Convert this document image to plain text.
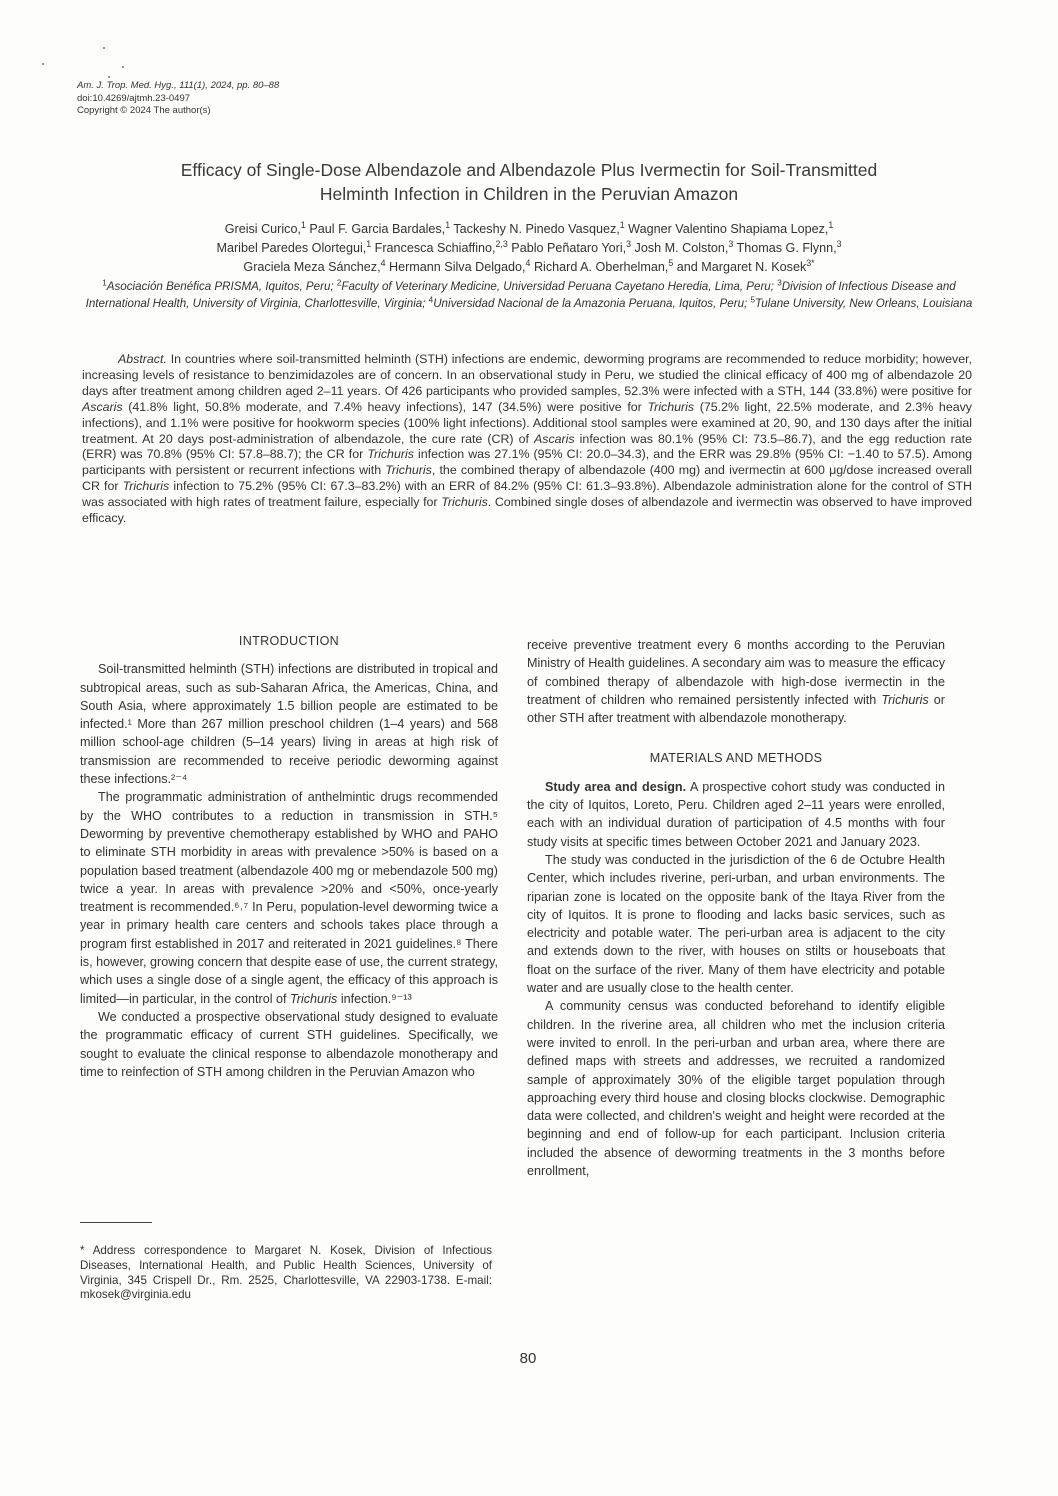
Am. J. Trop. Med. Hyg., 111(1), 2024, pp. 80–88
doi:10.4269/ajtmh.23-0497
Copyright © 2024 The author(s)
Efficacy of Single-Dose Albendazole and Albendazole Plus Ivermectin for Soil-Transmitted
Helminth Infection in Children in the Peruvian Amazon
Greisi Curico,$^1$ Paul F. Garcia Bardales,$^1$ Tackeshy N. Pinedo Vasquez,$^1$ Wagner Valentino Shapiama Lopez,$^1$
Maribel Paredes Olortegui,$^1$ Francesca Schiaffino,$^{2,3}$ Pablo Peñataro Yori,$^3$ Josh M. Colston,$^3$ Thomas G. Flynn,$^3$
Graciela Meza Sánchez,$^4$ Hermann Silva Delgado,$^4$ Richard A. Oberhelman,$^5$ and Margaret N. Kosek$^{3*}$
$^1$Asociación Benéfica PRISMA, Iquitos, Peru; $^2$Faculty of Veterinary Medicine, Universidad Peruana Cayetano Heredia, Lima, Peru; $^3$Division of Infectious Disease and International Health, University of Virginia, Charlottesville, Virginia; $^4$Universidad Nacional de la Amazonia Peruana, Iquitos, Peru; $^5$Tulane University, New Orleans, Louisiana
Abstract. In countries where soil-transmitted helminth (STH) infections are endemic, deworming programs are recommended to reduce morbidity; however, increasing levels of resistance to benzimidazoles are of concern. In an observational study in Peru, we studied the clinical efficacy of 400 mg of albendazole 20 days after treatment among children aged 2–11 years. Of 426 participants who provided samples, 52.3% were infected with a STH, 144 (33.8%) were positive for Ascaris (41.8% light, 50.8% moderate, and 7.4% heavy infections), 147 (34.5%) were positive for Trichuris (75.2% light, 22.5% moderate, and 2.3% heavy infections), and 1.1% were positive for hookworm species (100% light infections). Additional stool samples were examined at 20, 90, and 130 days after the initial treatment. At 20 days post-administration of albendazole, the cure rate (CR) of Ascaris infection was 80.1% (95% CI: 73.5–86.7), and the egg reduction rate (ERR) was 70.8% (95% CI: 57.8–88.7); the CR for Trichuris infection was 27.1% (95% CI: 20.0–34.3), and the ERR was 29.8% (95% CI: −1.40 to 57.5). Among participants with persistent or recurrent infections with Trichuris, the combined therapy of albendazole (400 mg) and ivermectin at 600 μg/dose increased overall CR for Trichuris infection to 75.2% (95% CI: 67.3–83.2%) with an ERR of 84.2% (95% CI: 61.3–93.8%). Albendazole administration alone for the control of STH was associated with high rates of treatment failure, especially for Trichuris. Combined single doses of albendazole and ivermectin was observed to have improved efficacy.
INTRODUCTION

Soil-transmitted helminth (STH) infections are distributed in tropical and subtropical areas, such as sub-Saharan Africa, the Americas, China, and South Asia, where approximately 1.5 billion people are estimated to be infected.¹ More than 267 million preschool children (1–4 years) and 568 million school-age children (5–14 years) living in areas at high risk of transmission are recommended to receive periodic deworming against these infections.²⁻⁴

The programmatic administration of anthelmintic drugs recommended by the WHO contributes to a reduction in transmission in STH.⁵ Deworming by preventive chemotherapy established by WHO and PAHO to eliminate STH morbidity in areas with prevalence >50% is based on a population based treatment (albendazole 400 mg or mebendazole 500 mg) twice a year. In areas with prevalence >20% and <50%, once-yearly treatment is recommended.⁶˒⁷ In Peru, population-level deworming twice a year in primary health care centers and schools takes place through a program first established in 2017 and reiterated in 2021 guidelines.⁸ There is, however, growing concern that despite ease of use, the current strategy, which uses a single dose of a single agent, the efficacy of this approach is limited—in particular, in the control of Trichuris infection.⁹⁻¹³

We conducted a prospective observational study designed to evaluate the programmatic efficacy of current STH guidelines. Specifically, we sought to evaluate the clinical response to albendazole monotherapy and time to reinfection of STH among children in the Peruvian Amazon who

receive preventive treatment every 6 months according to the Peruvian Ministry of Health guidelines. A secondary aim was to measure the efficacy of combined therapy of albendazole with high-dose ivermectin in the treatment of children who remained persistently infected with Trichuris or other STH after treatment with albendazole monotherapy.

MATERIALS AND METHODS

Study area and design. A prospective cohort study was conducted in the city of Iquitos, Loreto, Peru. Children aged 2–11 years were enrolled, each with an individual duration of participation of 4.5 months with four study visits at specific times between October 2021 and January 2023.

The study was conducted in the jurisdiction of the 6 de Octubre Health Center, which includes riverine, peri-urban, and urban environments. The riparian zone is located on the opposite bank of the Itaya River from the city of Iquitos. It is prone to flooding and lacks basic services, such as electricity and potable water. The peri-urban area is adjacent to the city and extends down to the river, with houses on stilts or houseboats that float on the surface of the river. Many of them have electricity and potable water and are usually close to the health center.

A community census was conducted beforehand to identify eligible children. In the riverine area, all children who met the inclusion criteria were invited to enroll. In the peri-urban and urban area, where there are defined maps with streets and addresses, we recruited a randomized sample of approximately 30% of the eligible target population through approaching every third house and closing blocks clockwise. Demographic data were collected, and children's weight and height were recorded at the beginning and end of follow-up for each participant. Inclusion criteria included the absence of deworming treatments in the 3 months before enrollment,

* Address correspondence to Margaret N. Kosek, Division of Infectious Diseases, International Health, and Public Health Sciences, University of Virginia, 345 Crispell Dr., Rm. 2525, Charlottesville, VA 22903-1738. E-mail: mkosek@virginia.edu
80
